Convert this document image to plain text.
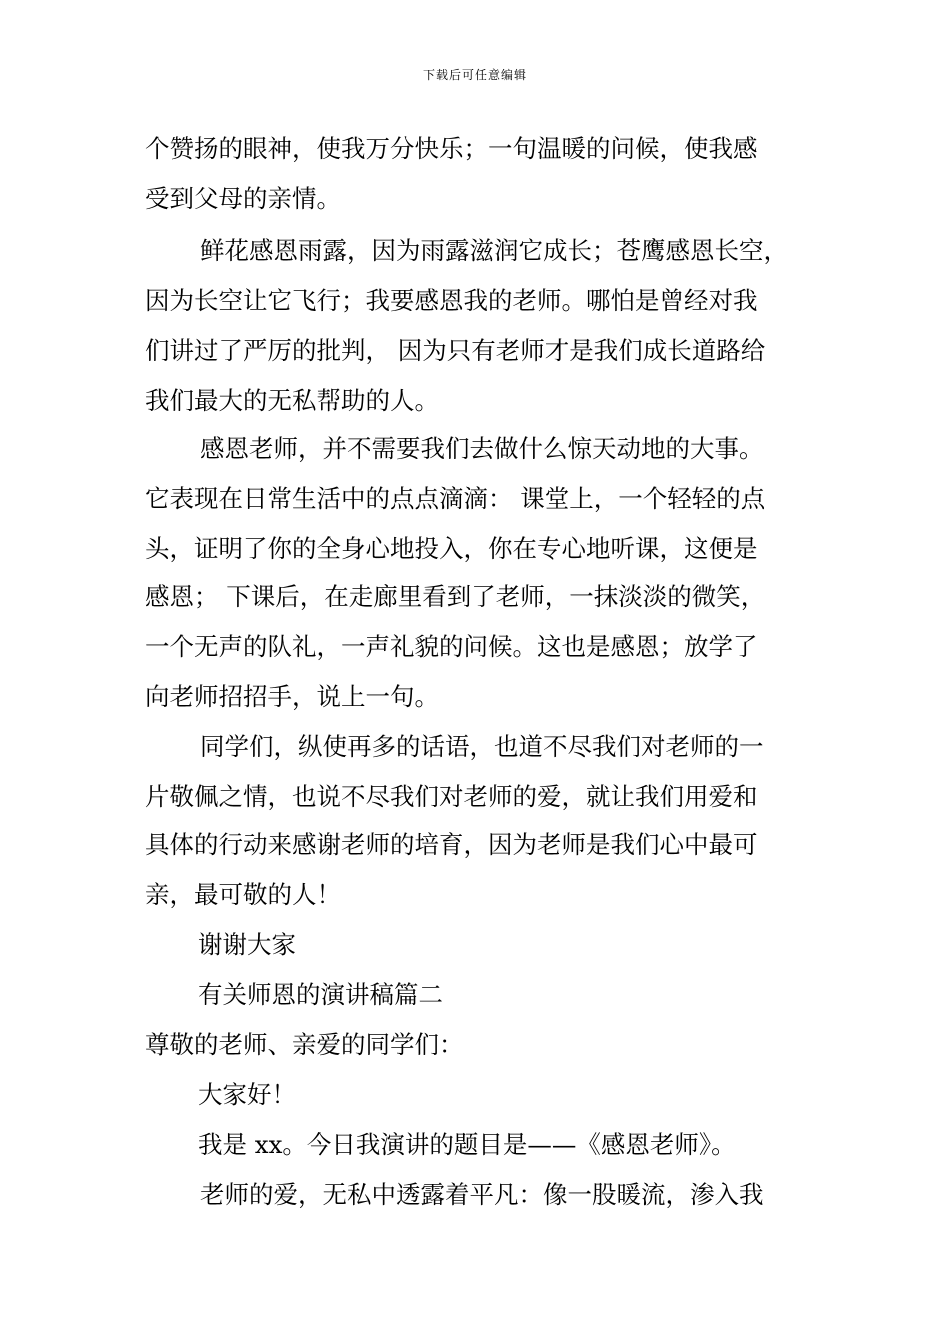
下载后可任意编辑
个赞扬的眼神，使我万分快乐；一句温暖的问候，使我感
受到父母的亲情。
鲜花感恩雨露，因为雨露滋润它成长；苍鹰感恩长空，
因为长空让它飞行；我要感恩我的老师。哪怕是曾经对我
们讲过了严厉的批判， 因为只有老师才是我们成长道路给
我们最大的无私帮助的人。
感恩老师，并不需要我们去做什么惊天动地的大事。
它表现在日常生活中的点点滴滴： 课堂上，一个轻轻的点
头，证明了你的全身心地投入，你在专心地听课，这便是
感恩； 下课后，在走廊里看到了老师，一抹淡淡的微笑，
一个无声的队礼，一声礼貌的问候。这也是感恩；放学了
向老师招招手，说上一句。
同学们，纵使再多的话语，也道不尽我们对老师的一
片敬佩之情，也说不尽我们对老师的爱，就让我们用爱和
具体的行动来感谢老师的培育，因为老师是我们心中最可
亲，最可敬的人！
谢谢大家
有关师恩的演讲稿篇二
尊敬的老师、亲爱的同学们：
大家好！
我是 xx。今日我演讲的题目是——《感恩老师》。
老师的爱，无私中透露着平凡：像一股暖流，渗入我
